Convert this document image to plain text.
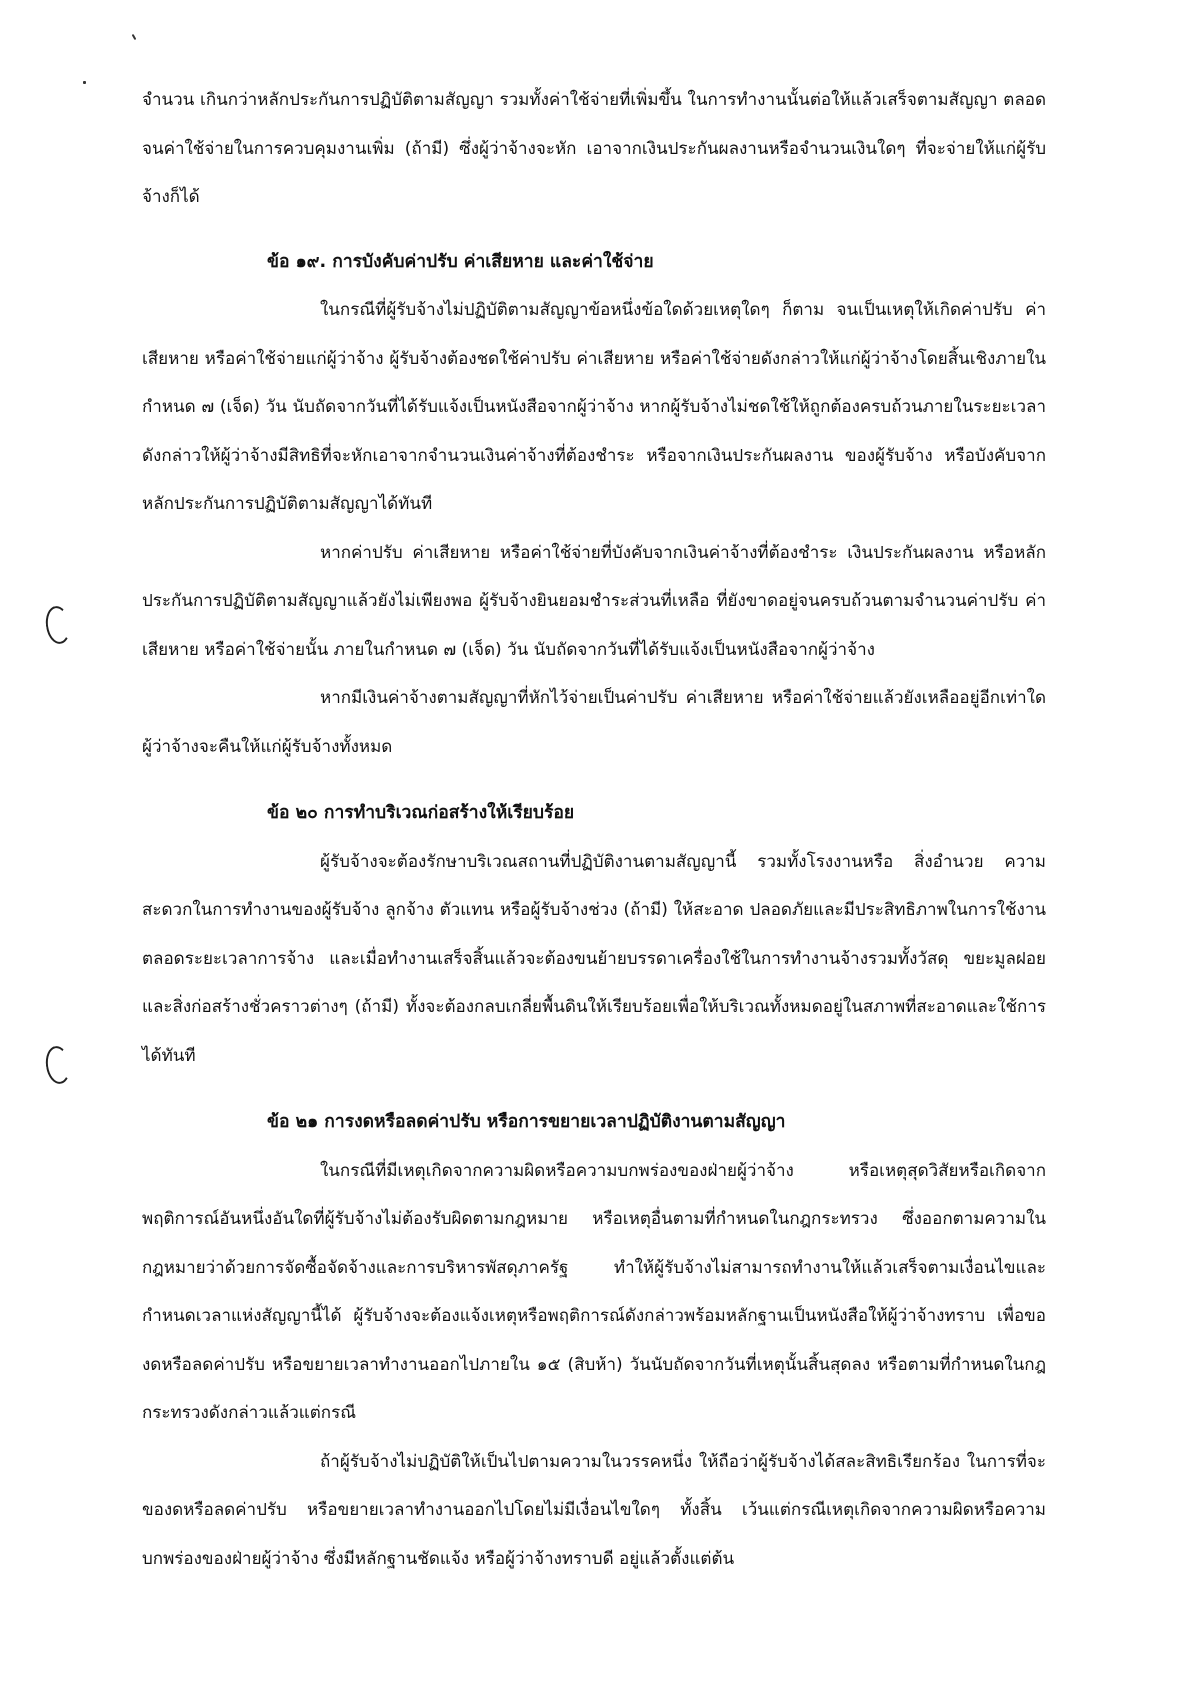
จำนวน เกินกว่าหลักประกันการปฏิบัติตามสัญญา รวมทั้งค่าใช้จ่ายที่เพิ่มขึ้น ในการทำงานนั้นต่อให้แล้วเสร็จตามสัญญา ตลอดจนค่าใช้จ่ายในการควบคุมงานเพิ่ม (ถ้ามี) ซึ่งผู้ว่าจ้างจะหัก เอาจากเงินประกันผลงานหรือจำนวนเงินใดๆ ที่จะจ่ายให้แก่ผู้รับจ้างก็ได้

ข้อ ๑๙. การบังคับค่าปรับ ค่าเสียหาย และค่าใช้จ่าย

ในกรณีที่ผู้รับจ้างไม่ปฏิบัติตามสัญญาข้อหนึ่งข้อใดด้วยเหตุใดๆ ก็ตาม จนเป็นเหตุให้เกิดค่าปรับ ค่าเสียหาย หรือค่าใช้จ่ายแก่ผู้ว่าจ้าง ผู้รับจ้างต้องชดใช้ค่าปรับ ค่าเสียหาย หรือค่าใช้จ่ายดังกล่าวให้แก่ผู้ว่าจ้างโดยสิ้นเชิงภายในกำหนด ๗ (เจ็ด) วัน นับถัดจากวันที่ได้รับแจ้งเป็นหนังสือจากผู้ว่าจ้าง หากผู้รับจ้างไม่ชดใช้ให้ถูกต้องครบถ้วนภายในระยะเวลาดังกล่าวให้ผู้ว่าจ้างมีสิทธิที่จะหักเอาจากจำนวนเงินค่าจ้างที่ต้องชำระ หรือจากเงินประกันผลงาน ของผู้รับจ้าง หรือบังคับจากหลักประกันการปฏิบัติตามสัญญาได้ทันที

หากค่าปรับ ค่าเสียหาย หรือค่าใช้จ่ายที่บังคับจากเงินค่าจ้างที่ต้องชำระ เงินประกันผลงาน หรือหลักประกันการปฏิบัติตามสัญญาแล้วยังไม่เพียงพอ ผู้รับจ้างยินยอมชำระส่วนที่เหลือ ที่ยังขาดอยู่จนครบถ้วนตามจำนวนค่าปรับ ค่าเสียหาย หรือค่าใช้จ่ายนั้น ภายในกำหนด ๗ (เจ็ด) วัน นับถัดจากวันที่ได้รับแจ้งเป็นหนังสือจากผู้ว่าจ้าง

หากมีเงินค่าจ้างตามสัญญาที่หักไว้จ่ายเป็นค่าปรับ ค่าเสียหาย หรือค่าใช้จ่ายแล้วยังเหลืออยู่อีกเท่าใด ผู้ว่าจ้างจะคืนให้แก่ผู้รับจ้างทั้งหมด

ข้อ ๒๐ การทำบริเวณก่อสร้างให้เรียบร้อย

ผู้รับจ้างจะต้องรักษาบริเวณสถานที่ปฏิบัติงานตามสัญญานี้ รวมทั้งโรงงานหรือ สิ่งอำนวย ความสะดวกในการทำงานของผู้รับจ้าง ลูกจ้าง ตัวแทน หรือผู้รับจ้างช่วง (ถ้ามี) ให้สะอาด ปลอดภัยและมีประสิทธิภาพในการใช้งานตลอดระยะเวลาการจ้าง และเมื่อทำงานเสร็จสิ้นแล้วจะต้องขนย้ายบรรดาเครื่องใช้ในการทำงานจ้างรวมทั้งวัสดุ ขยะมูลฝอย และสิ่งก่อสร้างชั่วคราวต่างๆ (ถ้ามี) ทั้งจะต้องกลบเกลี่ยพื้นดินให้เรียบร้อยเพื่อให้บริเวณทั้งหมดอยู่ในสภาพที่สะอาดและใช้การได้ทันที

ข้อ ๒๑ การงดหรือลดค่าปรับ หรือการขยายเวลาปฏิบัติงานตามสัญญา

ในกรณีที่มีเหตุเกิดจากความผิดหรือความบกพร่องของฝ่ายผู้ว่าจ้าง หรือเหตุสุดวิสัยหรือเกิดจากพฤติการณ์อันหนึ่งอันใดที่ผู้รับจ้างไม่ต้องรับผิดตามกฎหมาย หรือเหตุอื่นตามที่กำหนดในกฎกระทรวง ซึ่งออกตามความในกฎหมายว่าด้วยการจัดซื้อจัดจ้างและการบริหารพัสดุภาครัฐ ทำให้ผู้รับจ้างไม่สามารถทำงานให้แล้วเสร็จตามเงื่อนไขและกำหนดเวลาแห่งสัญญานี้ได้ ผู้รับจ้างจะต้องแจ้งเหตุหรือพฤติการณ์ดังกล่าวพร้อมหลักฐานเป็นหนังสือให้ผู้ว่าจ้างทราบ เพื่อของดหรือลดค่าปรับ หรือขยายเวลาทำงานออกไปภายใน ๑๕ (สิบห้า) วันนับถัดจากวันที่เหตุนั้นสิ้นสุดลง หรือตามที่กำหนดในกฎกระทรวงดังกล่าวแล้วแต่กรณี

ถ้าผู้รับจ้างไม่ปฏิบัติให้เป็นไปตามความในวรรคหนึ่ง ให้ถือว่าผู้รับจ้างได้สละสิทธิเรียกร้อง ในการที่จะของดหรือลดค่าปรับ หรือขยายเวลาทำงานออกไปโดยไม่มีเงื่อนไขใดๆ ทั้งสิ้น เว้นแต่กรณีเหตุเกิดจากความผิดหรือความบกพร่องของฝ่ายผู้ว่าจ้าง ซึ่งมีหลักฐานชัดแจ้ง หรือผู้ว่าจ้างทราบดี อยู่แล้วตั้งแต่ต้น
